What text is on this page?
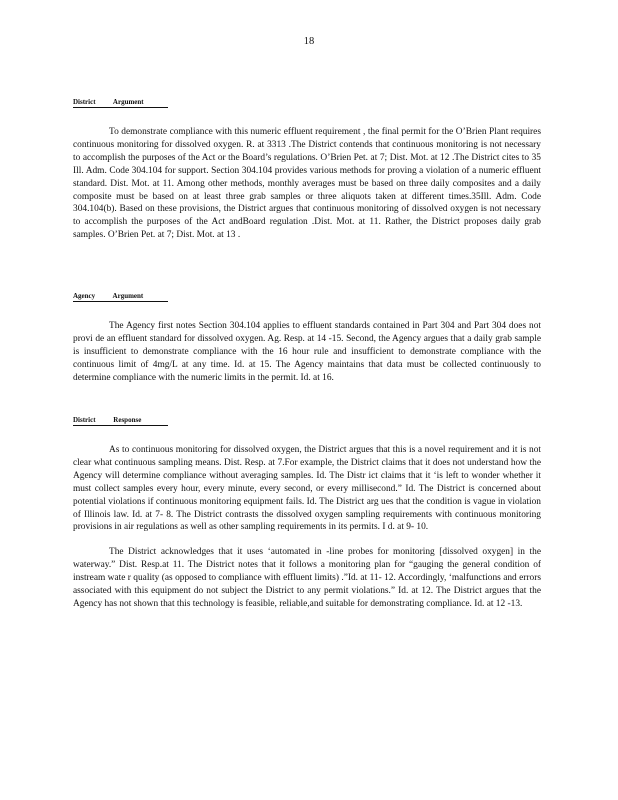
18
District Argument

To demonstrate compliance with this numeric effluent requirement , the final permit for the O’Brien Plant requires continuous monitoring for dissolved oxygen. R. at 3313 .The District contends that continuous monitoring is not necessary to accomplish the purposes of the Act or the Board’s regulations. O’Brien Pet. at 7; Dist. Mot. at 12 .The District cites to 35 Ill. Adm. Code 304.104 for support. Section 304.104 provides various methods for proving a violation of a numeric effluent standard. Dist. Mot. at 11. Among other methods, monthly averages must be based on three daily composites and a daily composite must be based on at least three grab samples or three aliquots taken at different times.35Ill. Adm. Code 304.104(b). Based on these provisions, the District argues that continuous monitoring of dissolved oxygen is not necessary to accomplish the purposes of the Act andBoard regulation .Dist. Mot. at 11. Rather, the District proposes daily grab samples. O’Brien Pet. at 7; Dist. Mot. at 13 .

Agency Argument

The Agency first notes Section 304.104 applies to effluent standards contained in Part 304 and Part 304 does not provi de an effluent standard for dissolved oxygen. Ag. Resp. at 14 -15. Second, the Agency argues that a daily grab sample is insufficient to demonstrate compliance with the 16 hour rule and insufficient to demonstrate compliance with the continuous limit of 4mg/L at any time. Id. at 15. The Agency maintains that data must be collected continuously to determine compliance with the numeric limits in the permit. Id. at 16.

District Response

As to continuous monitoring for dissolved oxygen, the District argues that this is a novel requirement and it is not clear what continuous sampling means. Dist. Resp. at 7.For example, the District claims that it does not understand how the Agency will determine compliance without averaging samples. Id. The Distr ict claims that it ‘is left to wonder whether it must collect samples every hour, every minute, every second, or every millisecond.” Id. The District is concerned about potential violations if continuous monitoring equipment fails. Id. The District arg ues that the condition is vague in violation of Illinois law. Id. at 7- 8. The District contrasts the dissolved oxygen sampling requirements with continuous monitoring provisions in air regulations as well as other sampling requirements in its permits. I d. at 9- 10.

The District acknowledges that it uses ‘automated in -line probes for monitoring [dissolved oxygen] in the waterway.” Dist. Resp.at 11. The District notes that it follows a monitoring plan for “gauging the general condition of instream wate r quality (as opposed to compliance with effluent limits) .”Id. at 11- 12. Accordingly, ‘malfunctions and errors associated with this equipment do not subject the District to any permit violations.” Id. at 12. The District argues that the Agency has not shown that this technology is feasible, reliable,and suitable for demonstrating compliance. Id. at 12 -13.
